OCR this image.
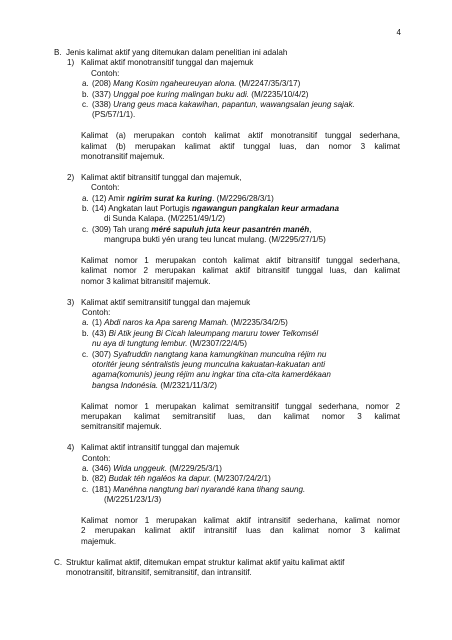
4
B. Jenis kalimat aktif yang ditemukan dalam penelitian ini adalah
1) Kalimat aktif monotransitif tunggal dan majemuk
Contoh:
a. (208) Mang Kosim ngaheureuyan alona. (M/2247/35/3/17)
b. (337) Unggal poe kuring malingan buku adi. (M/2235/10/4/2)
c. (338) Urang geus maca kakawihan, papantun, wawangsalan jeung sajak.
(PS/57/1/1).
Kalimat (a) merupakan contoh kalimat aktif monotransitif tunggal sederhana,
kalimat (b) merupakan kalimat aktif tunggal luas, dan nomor 3 kalimat
monotransitif majemuk.
2) Kalimat aktif bitransitif tunggal dan majemuk,
Contoh:
a. (12) Amir ngirim surat ka kuring. (M/2296/28/3/1)
b. (14) Angkatan laut Portugis ngawangun pangkalan keur armadana
di Sunda Kalapa. (M/2251/49/1/2)
c. (309) Tah urang méré sapuluh juta keur pasantrén manéh,
mangrupa bukti yén urang teu luncat mulang. (M/2295/27/1/5)
Kalimat nomor 1 merupakan contoh kalimat aktif bitransitif tunggal sederhana,
kalimat nomor 2 merupakan kalimat aktif bitransitif tunggal luas, dan kalimat
nomor 3 kalimat bitransitif majemuk.
3) Kalimat aktif semitransitif tunggal dan majemuk
Contoh:
a. (1) Abdi naros ka Apa sareng Mamah. (M/2235/34/2/5)
b. (43) Bi Atik jeung Bi Cicah laleumpang maruru tower Telkomsél nu aya di tungtung lembur. (M/2307/22/4/5)
c. (307) Syafruddin nangtang kana kamungkinan munculna réjim nu otoritér jeung séntralistis jeung munculna kakuatan-kakuatan anti agama(komunis) jeung réjim anu ingkar tina cita-cita kamerdékaan bangsa Indonésia. (M/2321/11/3/2)
Kalimat nomor 1 merupakan kalimat semitransitif tunggal sederhana, nomor 2
merupakan kalimat semitransitif luas, dan kalimat nomor 3 kalimat
semitransitif majemuk.
4) Kalimat aktif intransitif tunggal dan majemuk
Contoh:
a. (346) Wida unggeuk. (M/229/25/3/1)
b. (82) Budak téh ngaléos ka dapur. (M/2307/24/2/1)
c. (181) Manéhna nangtung bari nyarandé kana tihang saung.
(M/2251/23/1/3)
Kalimat nomor 1 merupakan kalimat aktif intransitif sederhana, kalimat nomor
2 merupakan kalimat aktif intransitif luas dan kalimat nomor 3 kalimat
majemuk.
C. Struktur kalimat aktif, ditemukan empat struktur kalimat aktif yaitu kalimat aktif
monotransitif, bitransitif, semitransitif, dan intransitif.
